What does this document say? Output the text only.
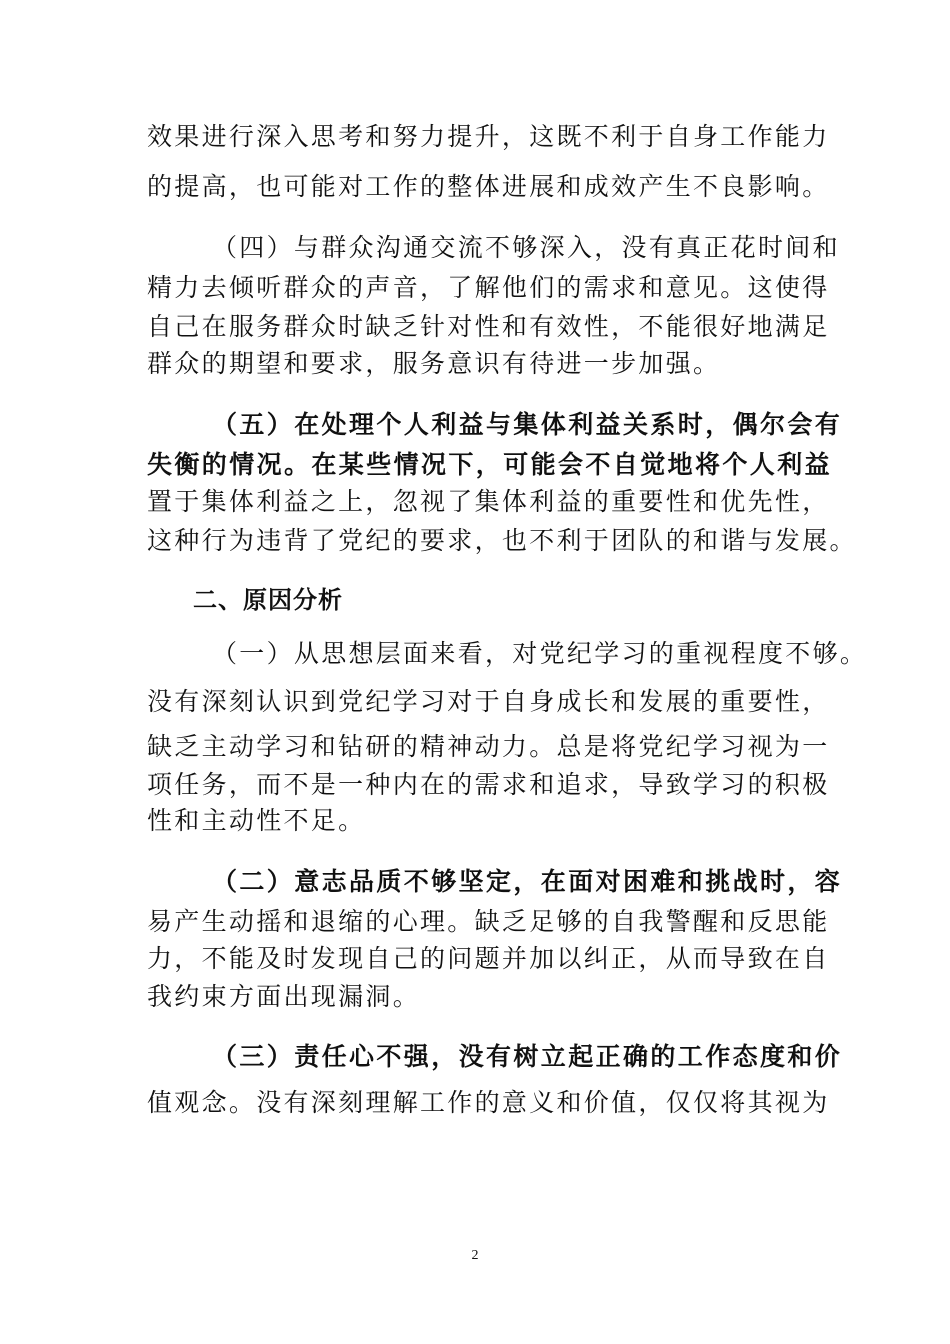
效果进行深入思考和努力提升，这既不利于自身工作能力
的提高，也可能对工作的整体进展和成效产生不良影响。
（四）与群众沟通交流不够深入，没有真正花时间和
精力去倾听群众的声音，了解他们的需求和意见。这使得
自己在服务群众时缺乏针对性和有效性，不能很好地满足
群众的期望和要求，服务意识有待进一步加强。
（五）在处理个人利益与集体利益关系时，偶尔会有
失衡的情况。在某些情况下，可能会不自觉地将个人利益
置于集体利益之上，忽视了集体利益的重要性和优先性，
这种行为违背了党纪的要求，也不利于团队的和谐与发展。
二、原因分析
（一）从思想层面来看，对党纪学习的重视程度不够。
没有深刻认识到党纪学习对于自身成长和发展的重要性，
缺乏主动学习和钻研的精神动力。总是将党纪学习视为一
项任务，而不是一种内在的需求和追求，导致学习的积极
性和主动性不足。
（二）意志品质不够坚定，在面对困难和挑战时，容
易产生动摇和退缩的心理。缺乏足够的自我警醒和反思能
力，不能及时发现自己的问题并加以纠正，从而导致在自
我约束方面出现漏洞。
（三）责任心不强，没有树立起正确的工作态度和价
值观念。没有深刻理解工作的意义和价值，仅仅将其视为
2
